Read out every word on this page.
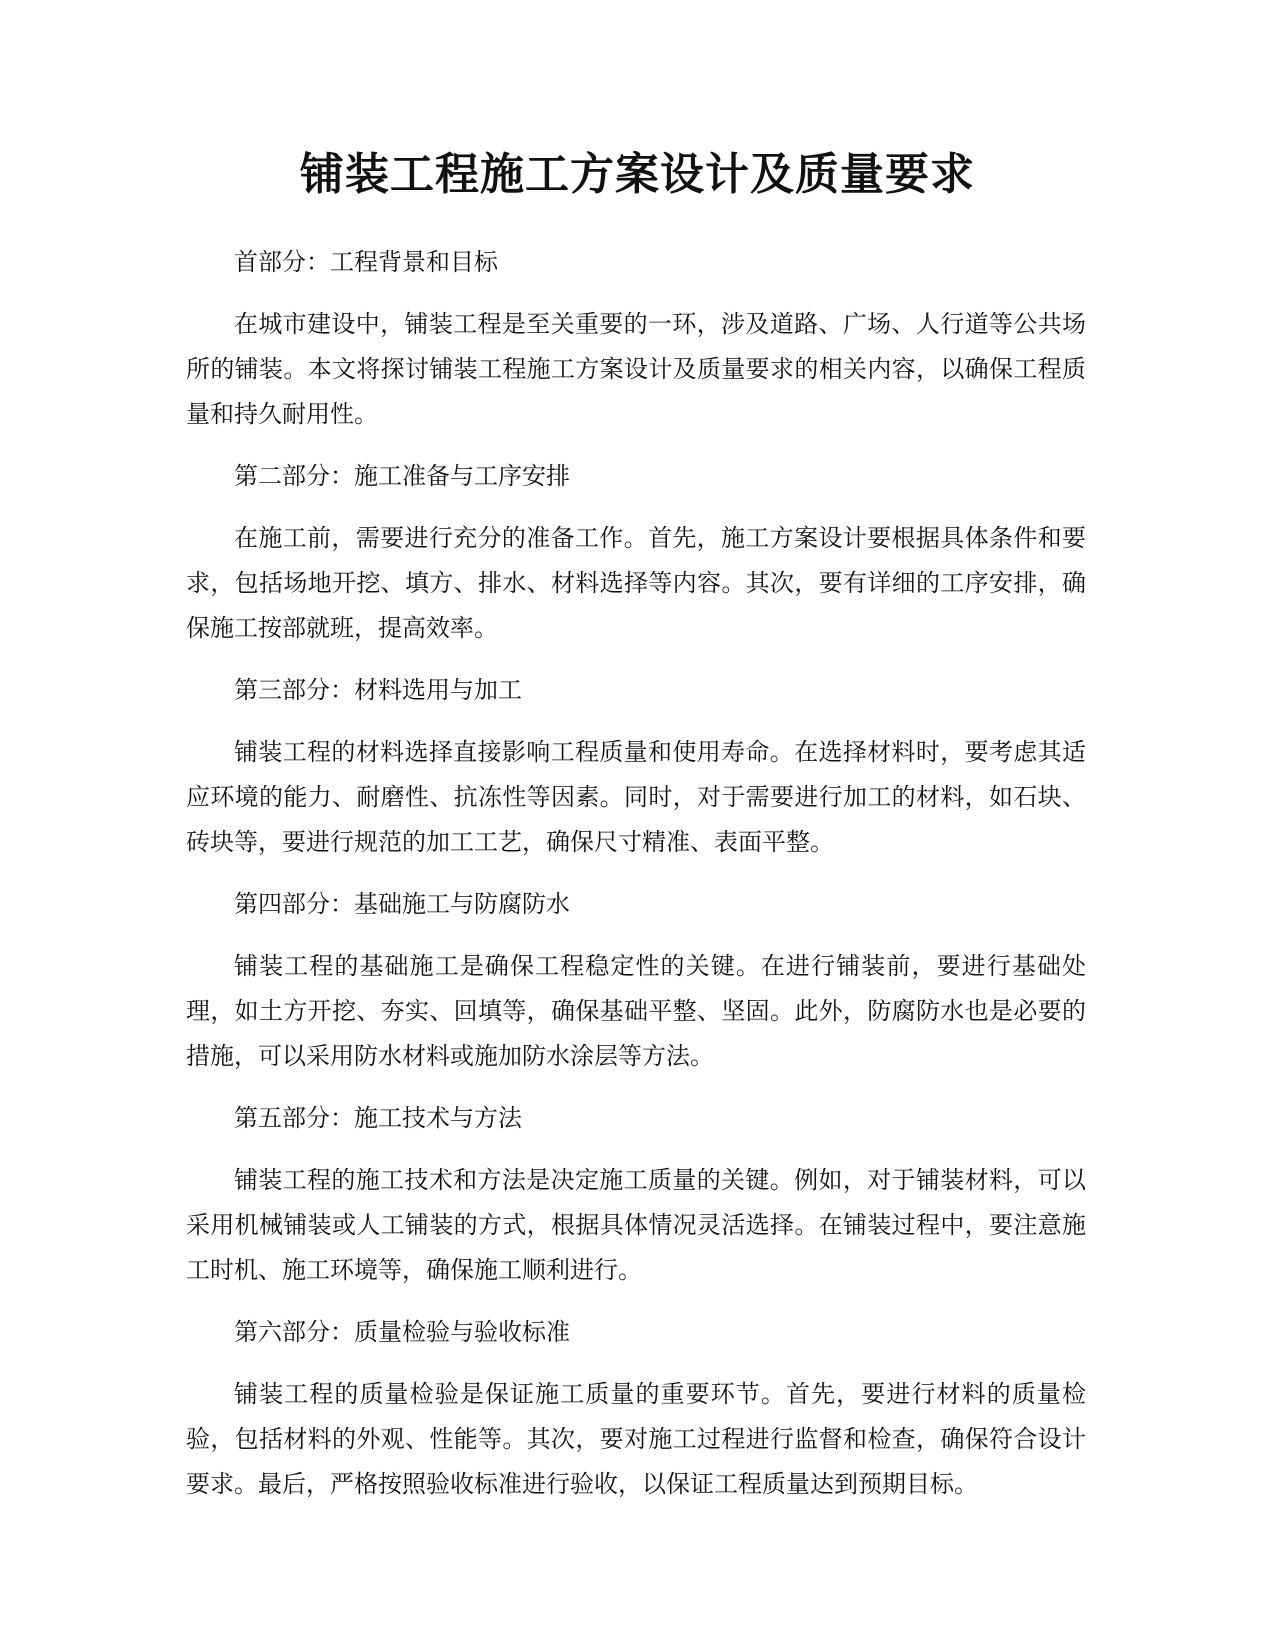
铺装工程施工方案设计及质量要求

首部分：工程背景和目标

在城市建设中，铺装工程是至关重要的一环，涉及道路、广场、人行道等公共场所的铺装。本文将探讨铺装工程施工方案设计及质量要求的相关内容，以确保工程质量和持久耐用性。

第二部分：施工准备与工序安排

在施工前，需要进行充分的准备工作。首先，施工方案设计要根据具体条件和要求，包括场地开挖、填方、排水、材料选择等内容。其次，要有详细的工序安排，确保施工按部就班，提高效率。

第三部分：材料选用与加工

铺装工程的材料选择直接影响工程质量和使用寿命。在选择材料时，要考虑其适应环境的能力、耐磨性、抗冻性等因素。同时，对于需要进行加工的材料，如石块、砖块等，要进行规范的加工工艺，确保尺寸精准、表面平整。

第四部分：基础施工与防腐防水

铺装工程的基础施工是确保工程稳定性的关键。在进行铺装前，要进行基础处理，如土方开挖、夯实、回填等，确保基础平整、坚固。此外，防腐防水也是必要的措施，可以采用防水材料或施加防水涂层等方法。

第五部分：施工技术与方法

铺装工程的施工技术和方法是决定施工质量的关键。例如，对于铺装材料，可以采用机械铺装或人工铺装的方式，根据具体情况灵活选择。在铺装过程中，要注意施工时机、施工环境等，确保施工顺利进行。

第六部分：质量检验与验收标准

铺装工程的质量检验是保证施工质量的重要环节。首先，要进行材料的质量检验，包括材料的外观、性能等。其次，要对施工过程进行监督和检查，确保符合设计要求。最后，严格按照验收标准进行验收，以保证工程质量达到预期目标。
